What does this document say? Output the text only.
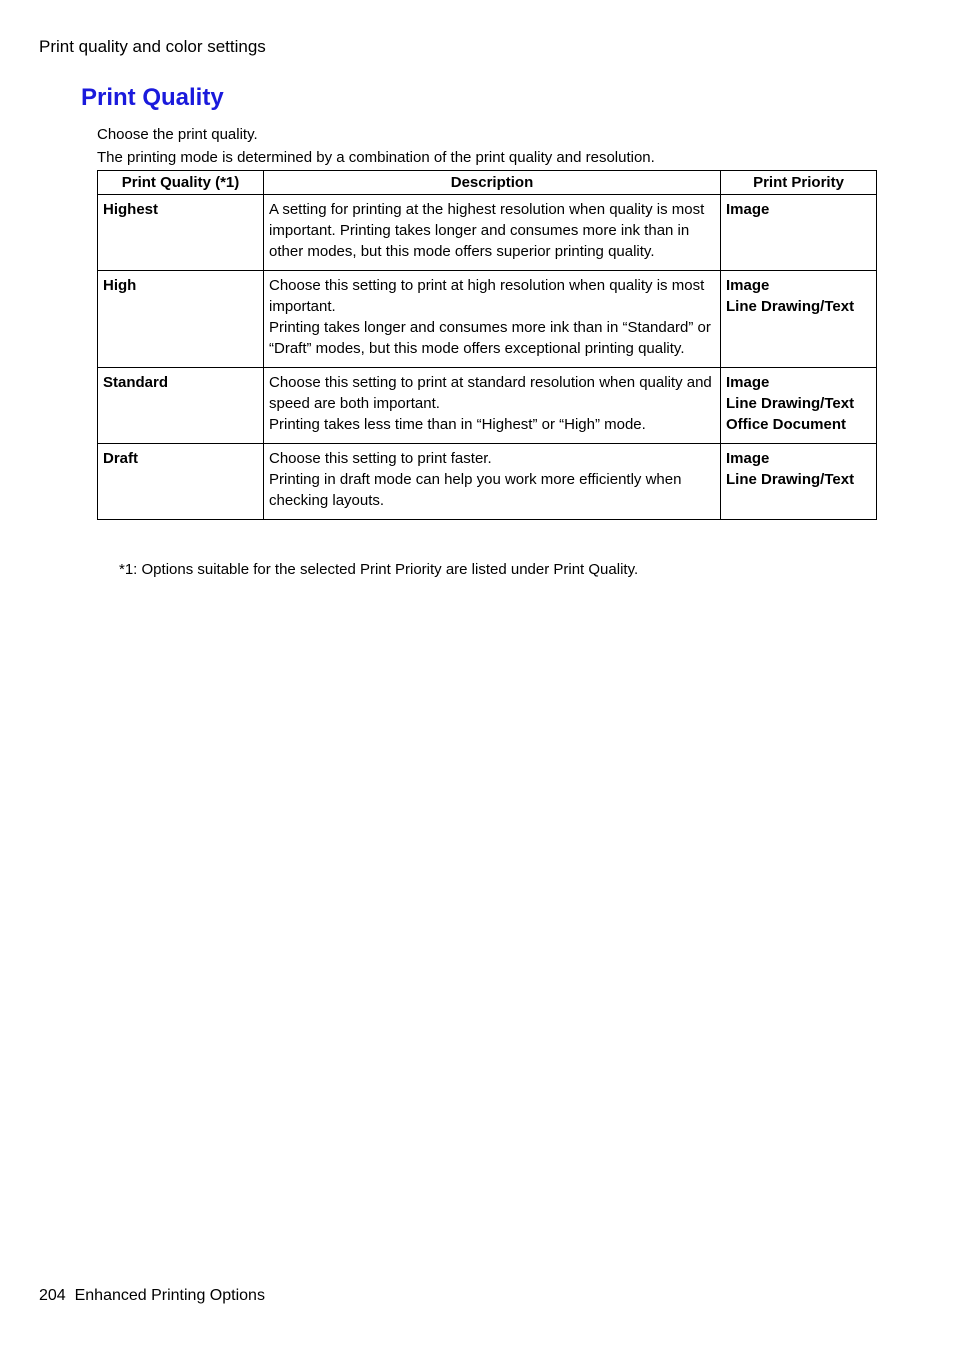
Print quality and color settings
Print Quality

Choose the print quality.

The printing mode is determined by a combination of the print quality and resolution.

Print Quality (*1)	Description	Print Priority
Highest	A setting for printing at the highest resolution when quality is most important. Printing takes longer and consumes more ink than in other modes, but this mode offers superior printing quality.	Image

High	Choose this setting to print at high resolution when quality is most important.
Printing takes longer and consumes more ink than in “Standard” or “Draft” modes, but this mode offers exceptional printing quality.	Image
Line Drawing/Text

Standard	Choose this setting to print at standard resolution when quality and speed are both important.
Printing takes less time than in “Highest” or “High” mode.	Image
Line Drawing/Text
Office Document

Draft	Choose this setting to print faster.
Printing in draft mode can help you work more efficiently when checking layouts.	Image
Line Drawing/Text
*1: Options suitable for the selected Print Priority are listed under Print Quality.
204 Enhanced Printing Options
